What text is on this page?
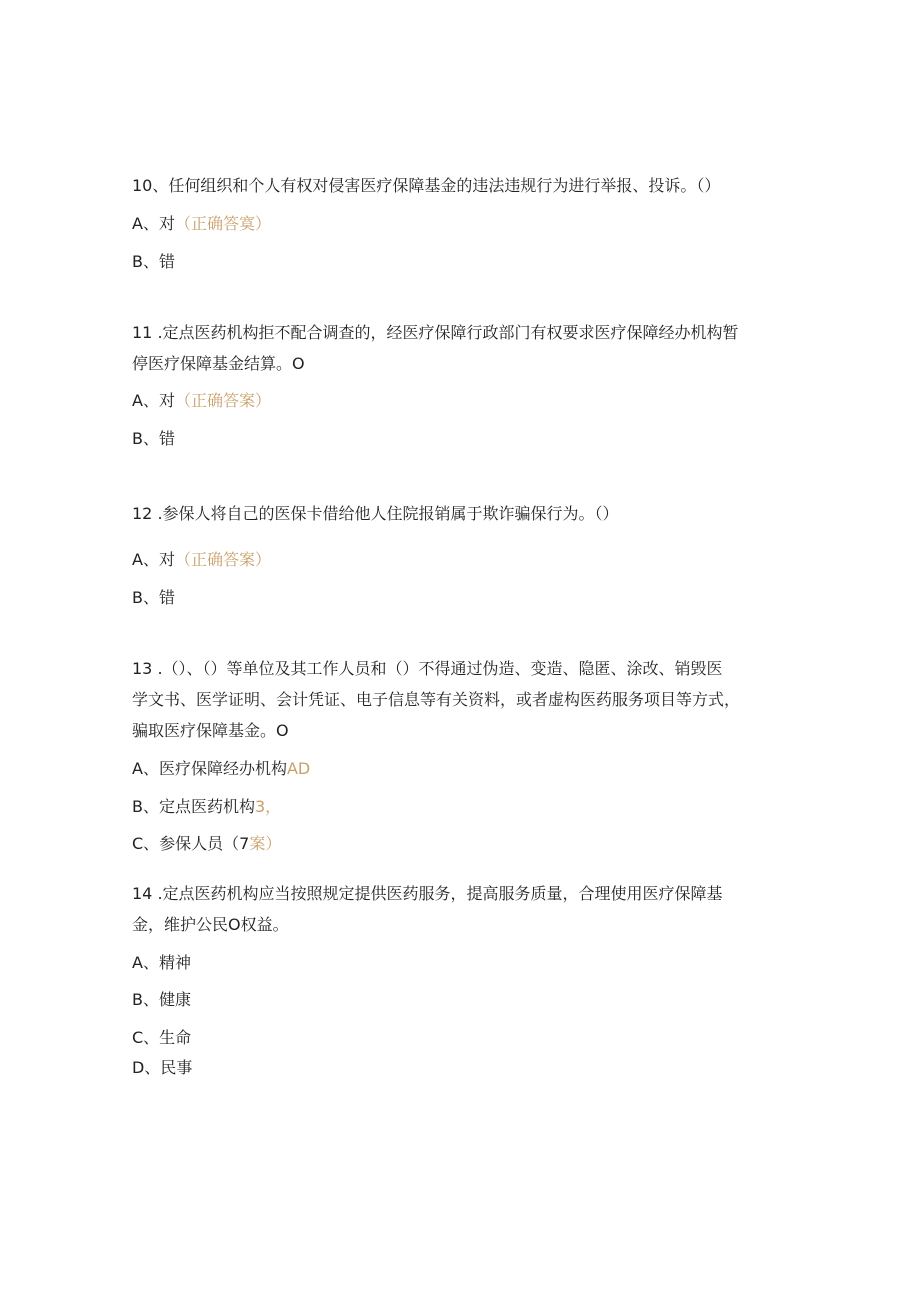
10、任何组织和个人有权对侵害医疗保障基金的违法违规行为进行举报、投诉。（）
A、对（正确答寞）
B、错
11 .定点医药机构拒不配合调查的，经医疗保障行政部门有权要求医疗保障经办机构暂
停医疗保障基金结算。O
A、对（正确答案）
B、错
12 .参保人将自己的医保卡借给他人住院报销属于欺诈骗保行为。（）
A、对（正确答案）
B、错
13 .（）、（）等单位及其工作人员和（）不得通过伪造、变造、隐匿、涂改、销毁医
学文书、医学证明、会计凭证、电子信息等有关资料，或者虚构医药服务项目等方式，
骗取医疗保障基金。O
A、医疗保障经办机构AD
B、定点医药机构3，
C、参保人员（7案）
14 .定点医药机构应当按照规定提供医药服务，提高服务质量，合理使用医疗保障基
金，维护公民O权益。
A、精神
B、健康
C、生命
D、民事
